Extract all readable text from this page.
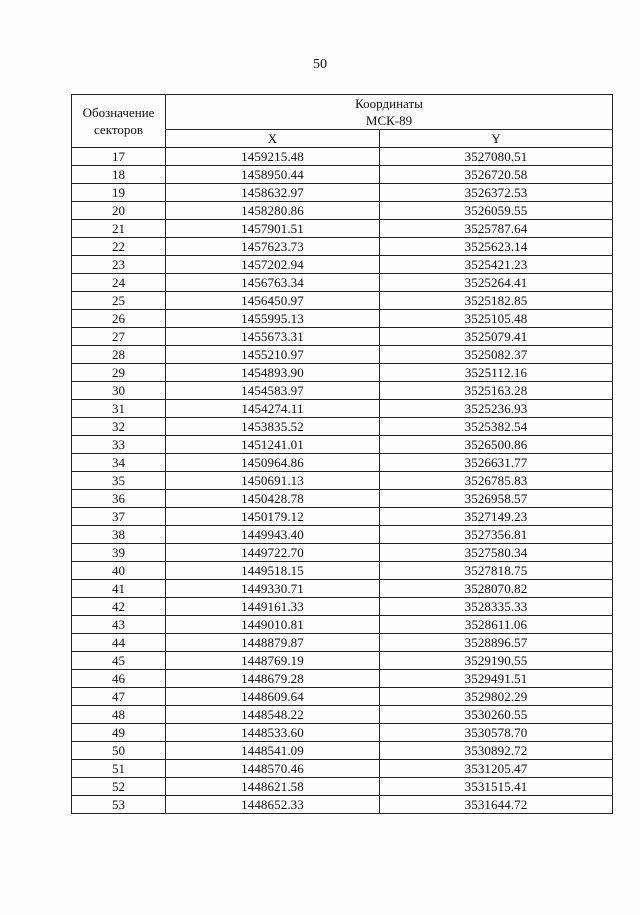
50
Обозначение секторов	Координаты
МСК-89	

	X	Y
17	1459215.48	3527080.51
18	1458950.44	3526720.58
19	1458632.97	3526372.53
20	1458280.86	3526059.55
21	1457901.51	3525787.64
22	1457623.73	3525623.14
23	1457202.94	3525421.23
24	1456763.34	3525264.41
25	1456450.97	3525182.85
26	1455995.13	3525105.48
27	1455673.31	3525079.41
28	1455210.97	3525082.37
29	1454893.90	3525112.16
30	1454583.97	3525163.28
31	1454274.11	3525236.93
32	1453835.52	3525382.54
33	1451241.01	3526500.86
34	1450964.86	3526631.77
35	1450691.13	3526785.83
36	1450428.78	3526958.57
37	1450179.12	3527149.23
38	1449943.40	3527356.81
39	1449722.70	3527580.34
40	1449518.15	3527818.75
41	1449330.71	3528070.82
42	1449161.33	3528335.33
43	1449010.81	3528611.06
44	1448879.87	3528896.57
45	1448769.19	3529190.55
46	1448679.28	3529491.51
47	1448609.64	3529802.29
48	1448548.22	3530260.55
49	1448533.60	3530578.70
50	1448541.09	3530892.72
51	1448570.46	3531205.47
52	1448621.58	3531515.41
53	1448652.33	3531644.72
